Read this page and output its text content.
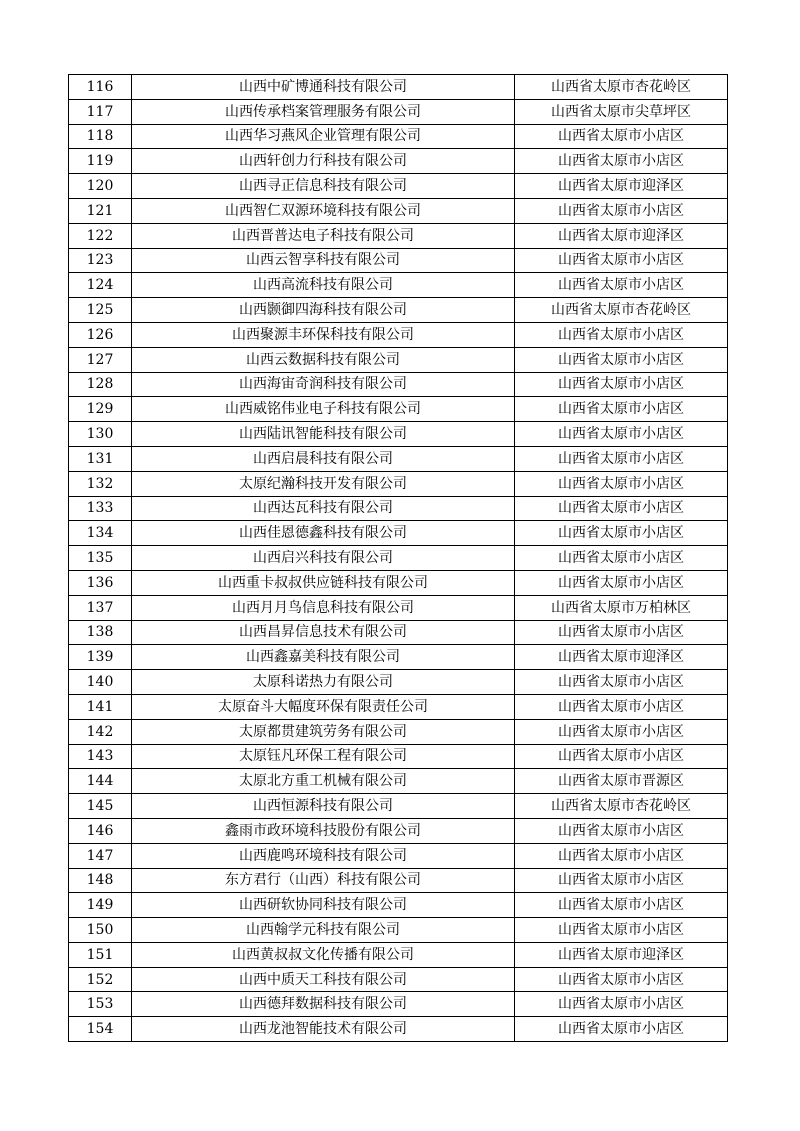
116	山西中矿博通科技有限公司	山西省太原市杏花岭区
117	山西传承档案管理服务有限公司	山西省太原市尖草坪区
118	山西华习燕风企业管理有限公司	山西省太原市小店区
119	山西轩创力行科技有限公司	山西省太原市小店区
120	山西寻正信息科技有限公司	山西省太原市迎泽区
121	山西智仁双源环境科技有限公司	山西省太原市小店区
122	山西晋普达电子科技有限公司	山西省太原市迎泽区
123	山西云智享科技有限公司	山西省太原市小店区
124	山西高流科技有限公司	山西省太原市小店区
125	山西颢御四海科技有限公司	山西省太原市杏花岭区
126	山西聚源丰环保科技有限公司	山西省太原市小店区
127	山西云数据科技有限公司	山西省太原市小店区
128	山西海宙奇润科技有限公司	山西省太原市小店区
129	山西威铭伟业电子科技有限公司	山西省太原市小店区
130	山西陆讯智能科技有限公司	山西省太原市小店区
131	山西启晨科技有限公司	山西省太原市小店区
132	太原纪瀚科技开发有限公司	山西省太原市小店区
133	山西达瓦科技有限公司	山西省太原市小店区
134	山西佳恩德鑫科技有限公司	山西省太原市小店区
135	山西启兴科技有限公司	山西省太原市小店区
136	山西重卡叔叔供应链科技有限公司	山西省太原市小店区
137	山西月月鸟信息科技有限公司	山西省太原市万柏林区
138	山西昌昇信息技术有限公司	山西省太原市小店区
139	山西鑫嘉美科技有限公司	山西省太原市迎泽区
140	太原科诺热力有限公司	山西省太原市小店区
141	太原奋斗大幅度环保有限责任公司	山西省太原市小店区
142	太原都贯建筑劳务有限公司	山西省太原市小店区
143	太原钰凡环保工程有限公司	山西省太原市小店区
144	太原北方重工机械有限公司	山西省太原市晋源区
145	山西恒源科技有限公司	山西省太原市杏花岭区
146	鑫雨市政环境科技股份有限公司	山西省太原市小店区
147	山西鹿鸣环境科技有限公司	山西省太原市小店区
148	东方君行（山西）科技有限公司	山西省太原市小店区
149	山西研软协同科技有限公司	山西省太原市小店区
150	山西翰学元科技有限公司	山西省太原市小店区
151	山西黄叔叔文化传播有限公司	山西省太原市迎泽区
152	山西中质天工科技有限公司	山西省太原市小店区
153	山西德拜数据科技有限公司	山西省太原市小店区
154	山西龙池智能技术有限公司	山西省太原市小店区
